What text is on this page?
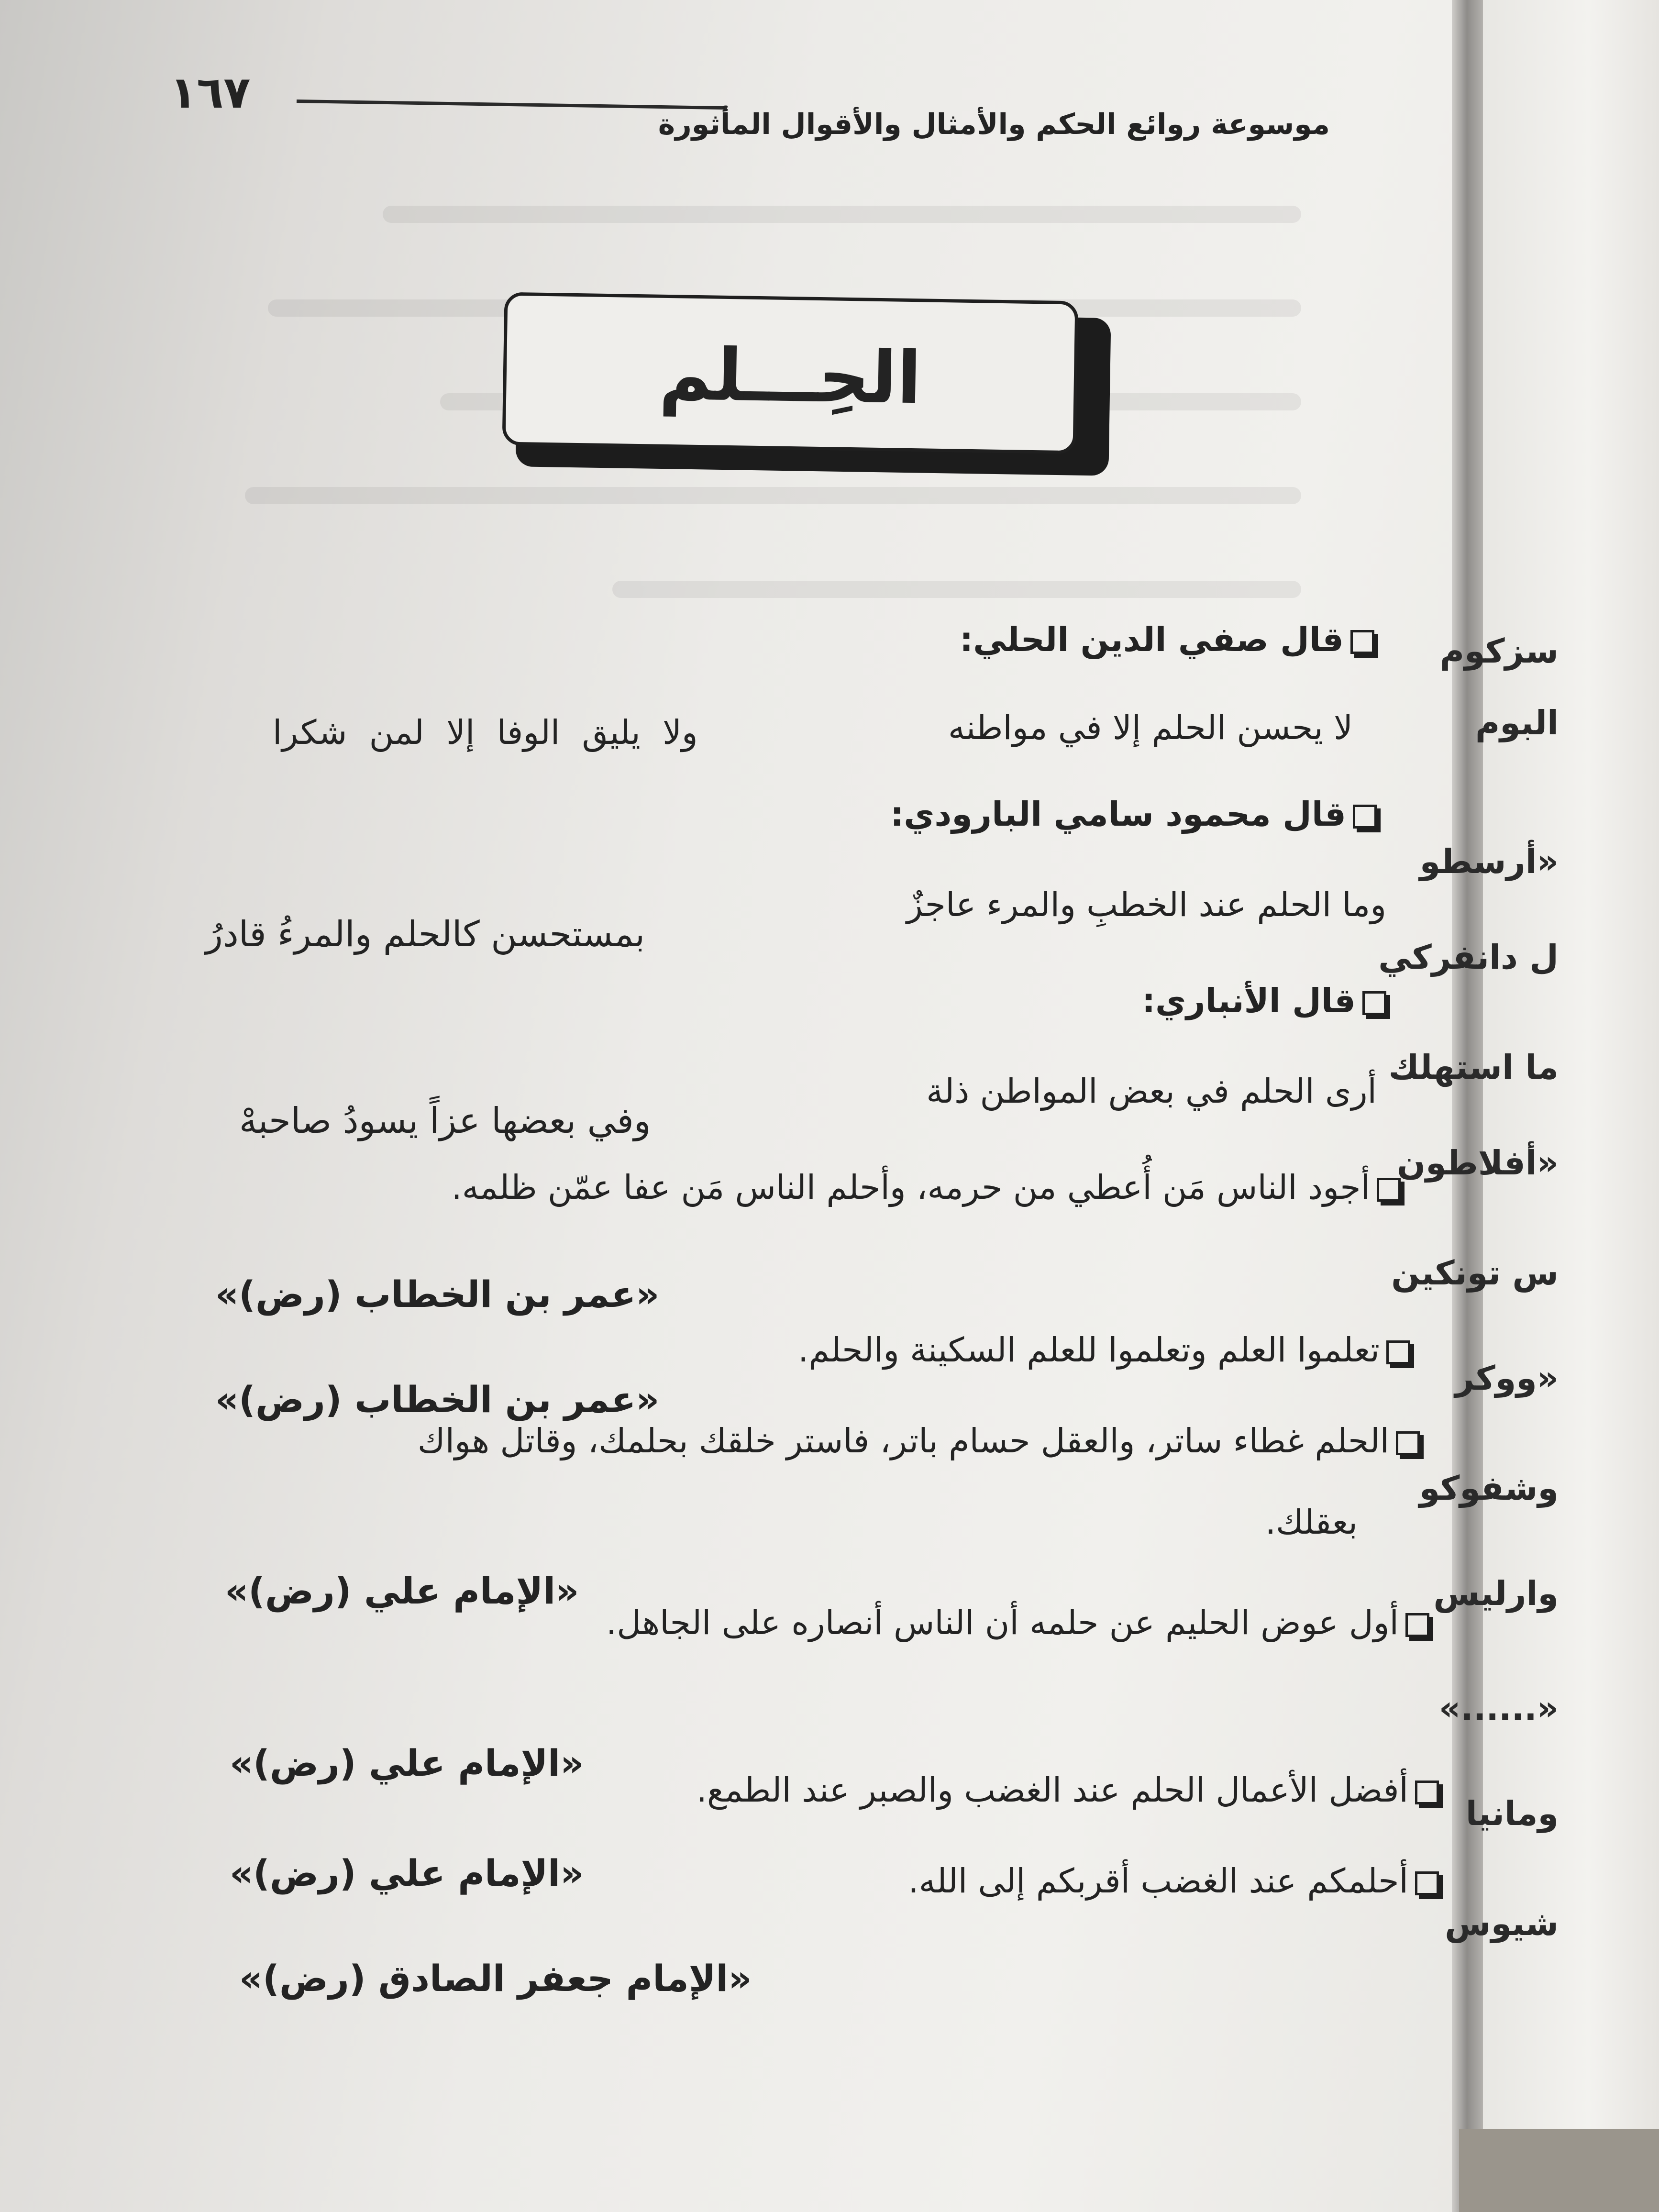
سزكوم
البوم
«أرسطو
ل دانفركي
ما استهلك
«أفلاطون
س تونكين
«ووكر
وشفوكو
وارليس
«......»
ومانيا
شيوس
١٦٧
موسوعة روائع الحكم والأمثال والأقوال المأثورة
الحِـــلم
قال صفي الدين الحلي:
لا يحسن الحلم إلا في مواطنه
ولا يليق الوفا إلا لمن شكرا
قال محمود سامي البارودي:
وما الحلم عند الخطبِ والمرء عاجزٌ
بمستحسن كالحلم والمرءُ قادرُ
قال الأنباري:
أرى الحلم في بعض المواطن ذلة
وفي بعضها عزاً يسودُ صاحبهْ
أجود الناس مَن أُعطي من حرمه، وأحلم الناس مَن عفا عمّن ظلمه.
«عمر بن الخطاب (رض)»
تعلموا العلم وتعلموا للعلم السكينة والحلم.
«عمر بن الخطاب (رض)»
الحلم غطاء ساتر، والعقل حسام باتر، فاستر خلقك بحلمك، وقاتل هواك
بعقلك.
«الإمام علي (رض)»
أول عوض الحليم عن حلمه أن الناس أنصاره على الجاهل.
«الإمام علي (رض)»
أفضل الأعمال الحلم عند الغضب والصبر عند الطمع.
«الإمام علي (رض)»	أحلمكم عند الغضب أقربكم إلى الله.
«الإمام جعفر الصادق (رض)»
